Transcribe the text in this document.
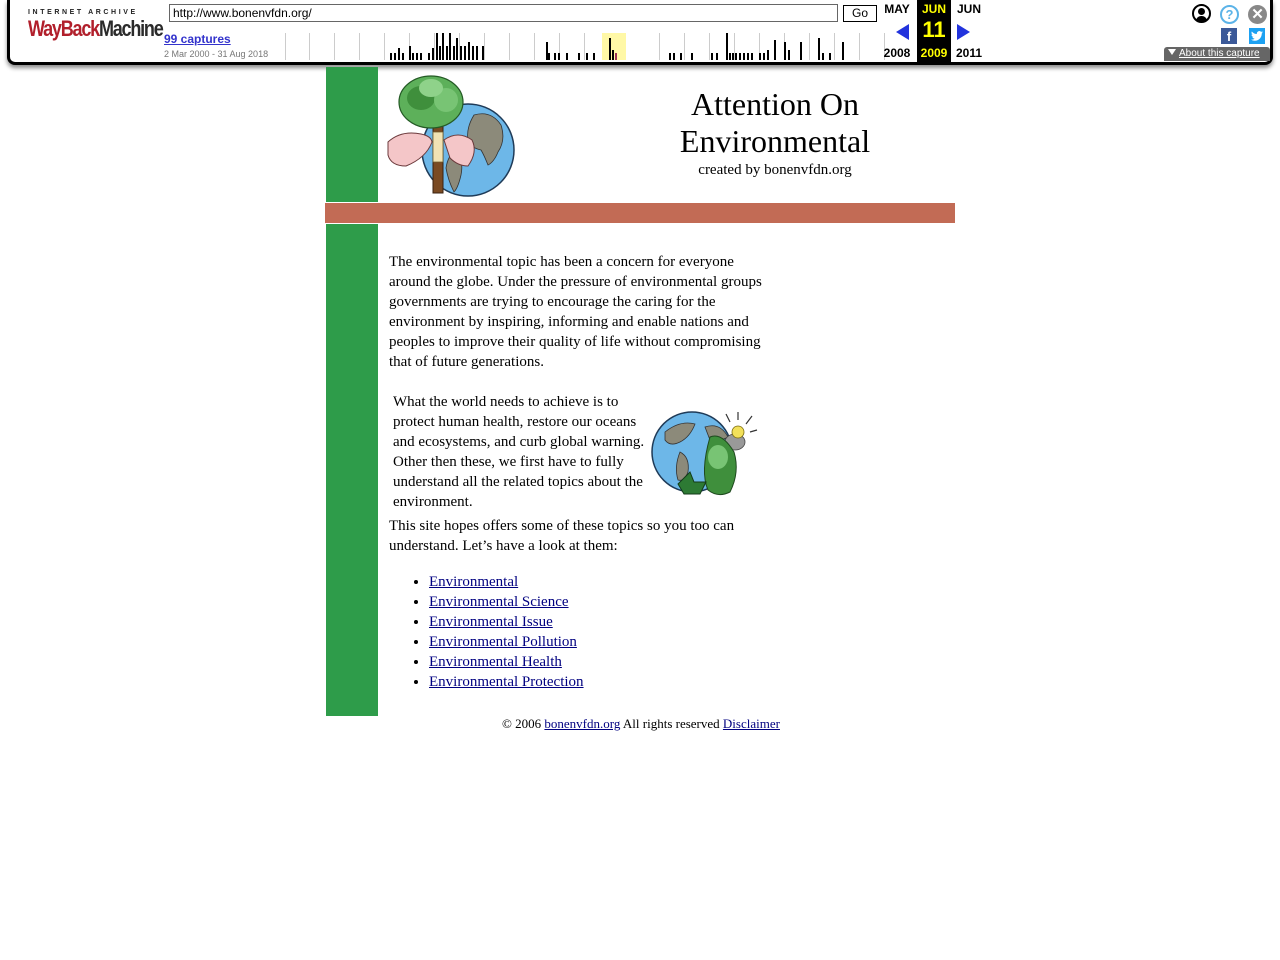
INTERNET ARCHIVE
WayBackMachine
http://www.bonenvfdn.org/	Go
99 captures
2 Mar 2000 - 31 Aug 2018
MAY
2008
JUN
11
2009
JUN
2011
?	✕
f
About this capture
Attention On
Environmental
created by bonenvfdn.org
The environmental topic has been a concern for everyone around the globe. Under the pressure of environmental groups governments are trying to encourage the caring for the environment by inspiring, informing and enable nations and peoples to improve their quality of life without compromising that of future generations.
What the world needs to achieve is to protect human health, restore our oceans and ecosystems, and curb global warning. Other then these, we first have to fully understand all the related topics about the environment.
This site hopes offers some of these topics so you too can understand. Let’s have a look at them:
• Environmental
• Environmental Science
• Environmental Issue
• Environmental Pollution
• Environmental Health
• Environmental Protection
© 2006 bonenvfdn.org All rights reserved Disclaimer
